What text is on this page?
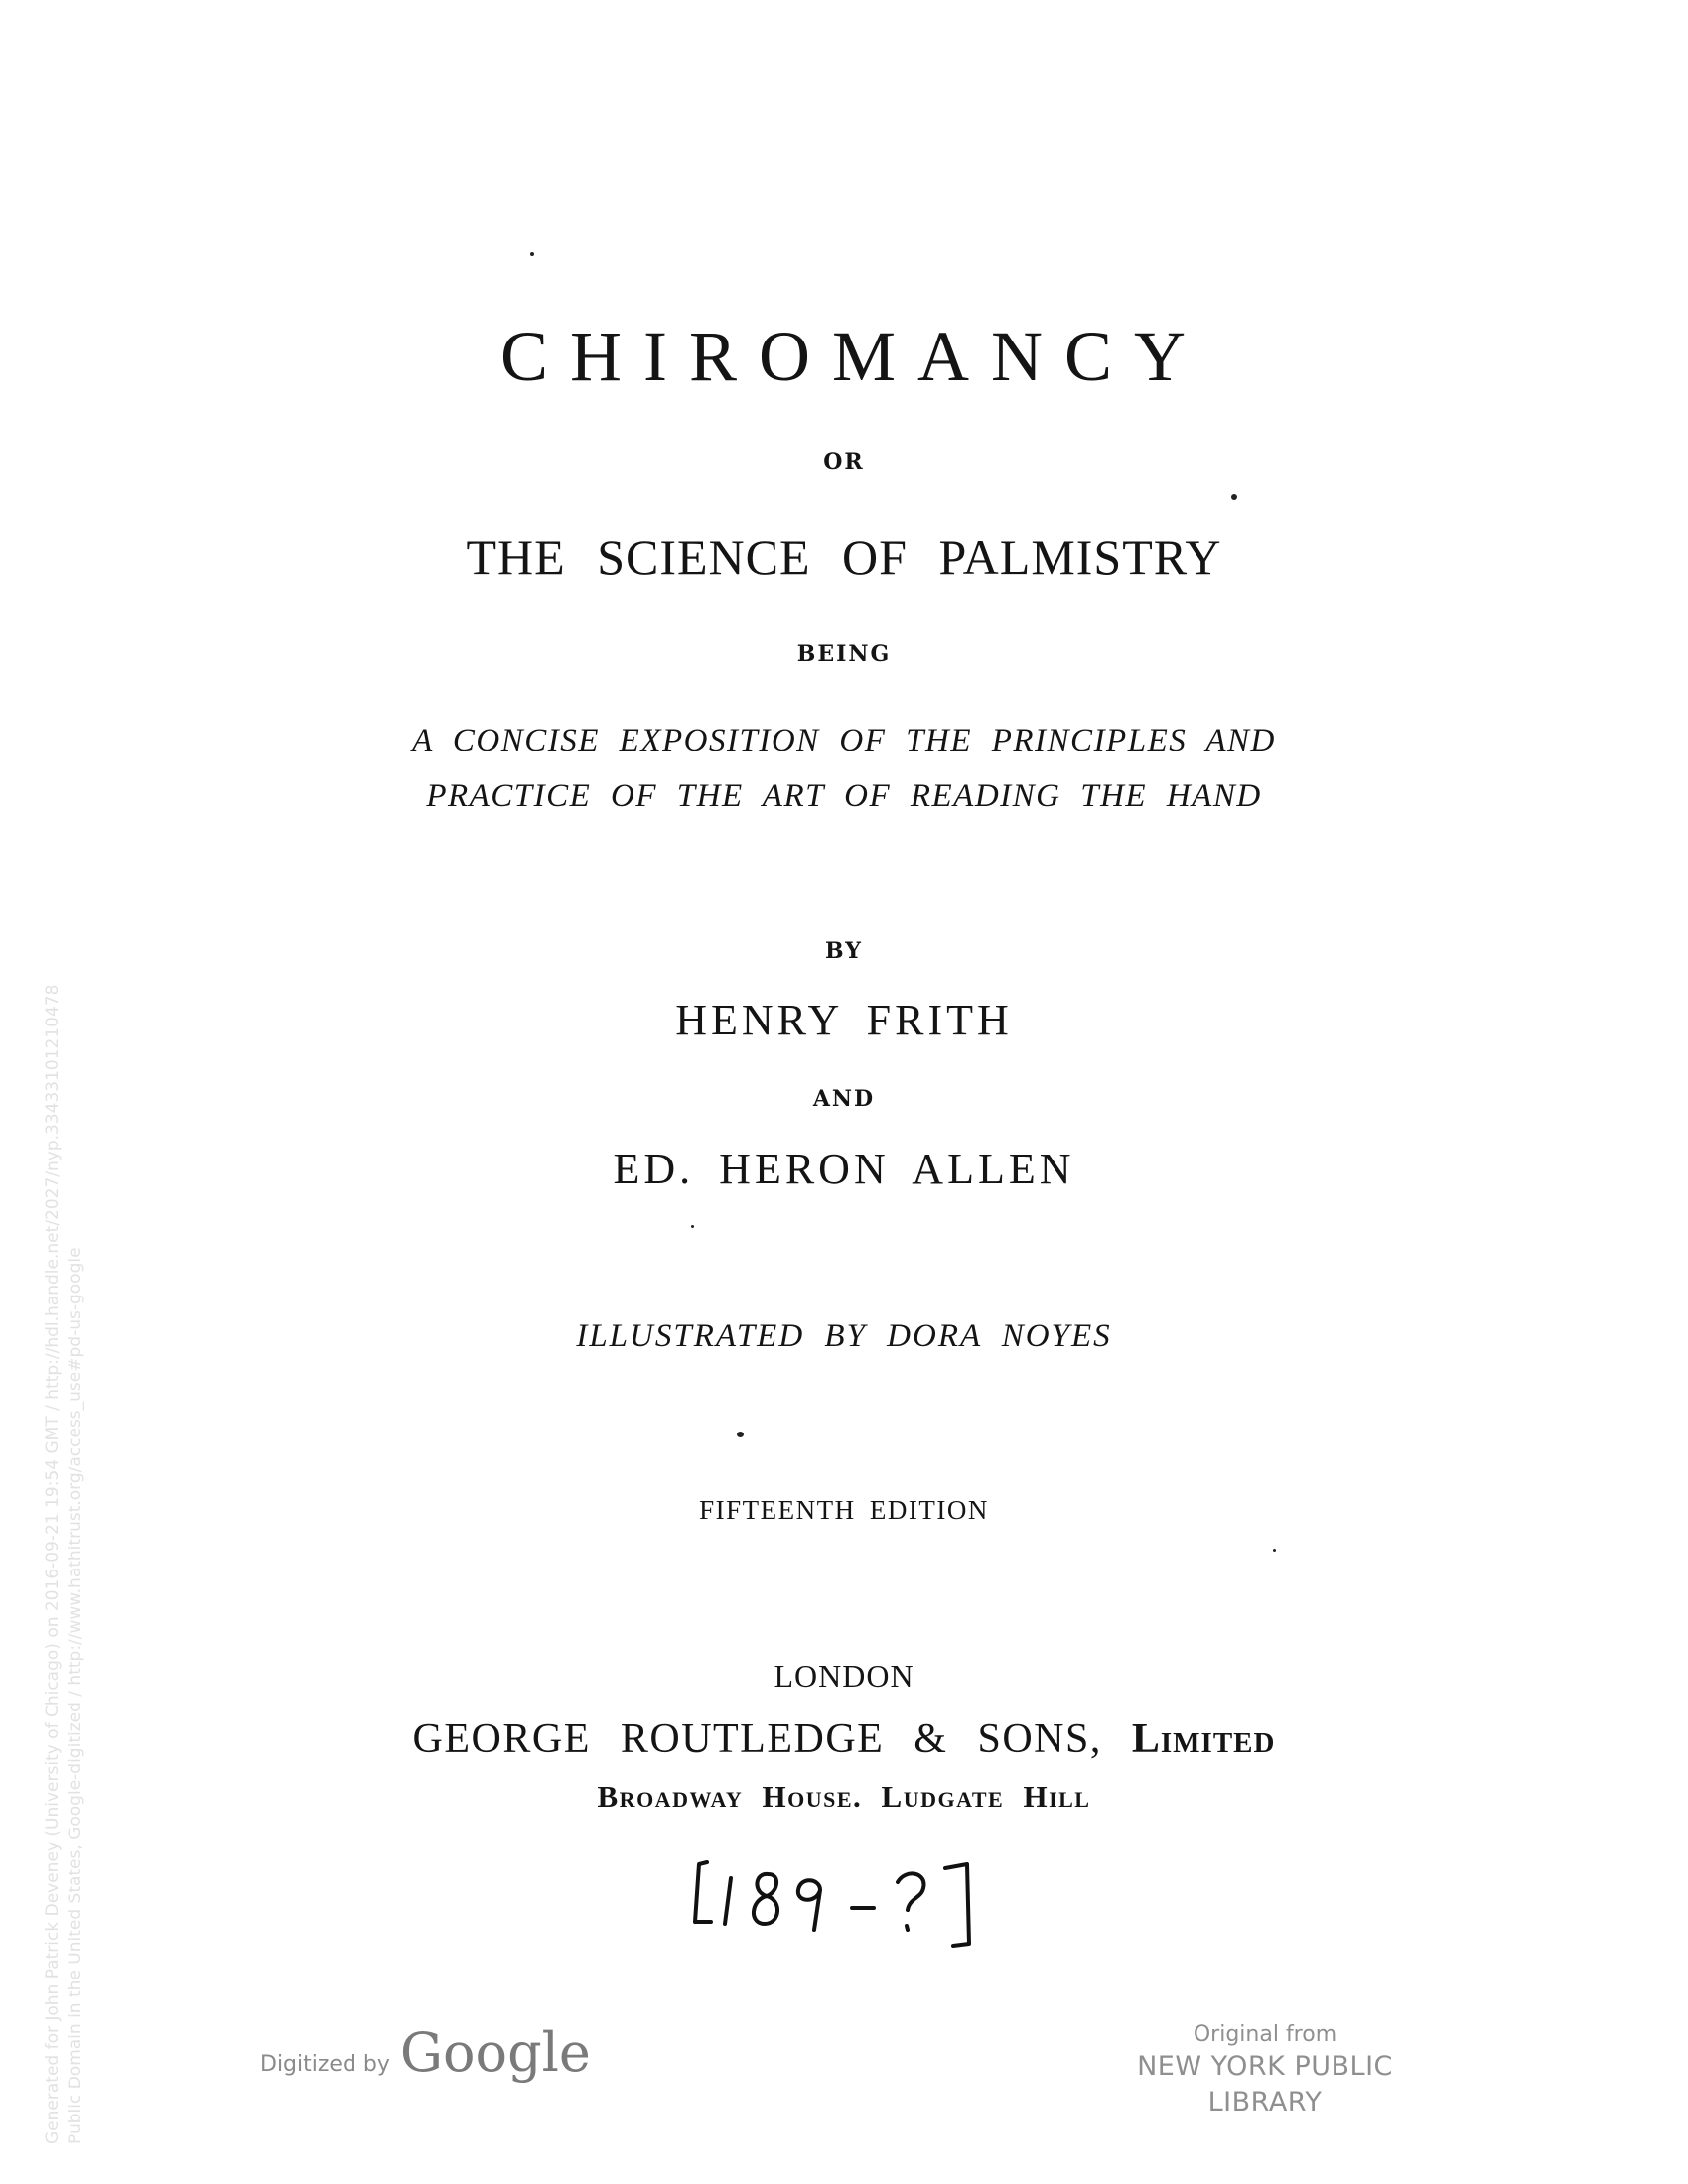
CHIROMANCY
OR
THE SCIENCE OF PALMISTRY
BEING
A CONCISE EXPOSITION OF THE PRINCIPLES AND
PRACTICE OF THE ART OF READING THE HAND
BY
HENRY FRITH
AND
ED. HERON ALLEN
ILLUSTRATED BY DORA NOYES
FIFTEENTH EDITION
LONDON
GEORGE ROUTLEDGE & SONS, Limited
Broadway House. Ludgate Hill
Generated for John Patrick Deveney (University of Chicago) on 2016-09-21 19:54 GMT / http://hdl.handle.net/2027/nyp.33433101210478 Public Domain in the United States, Google-digitized / http://www.hathitrust.org/access_use#pd-us-google	Digitized by Google	Original from
NEW YORK PUBLIC LIBRARY
